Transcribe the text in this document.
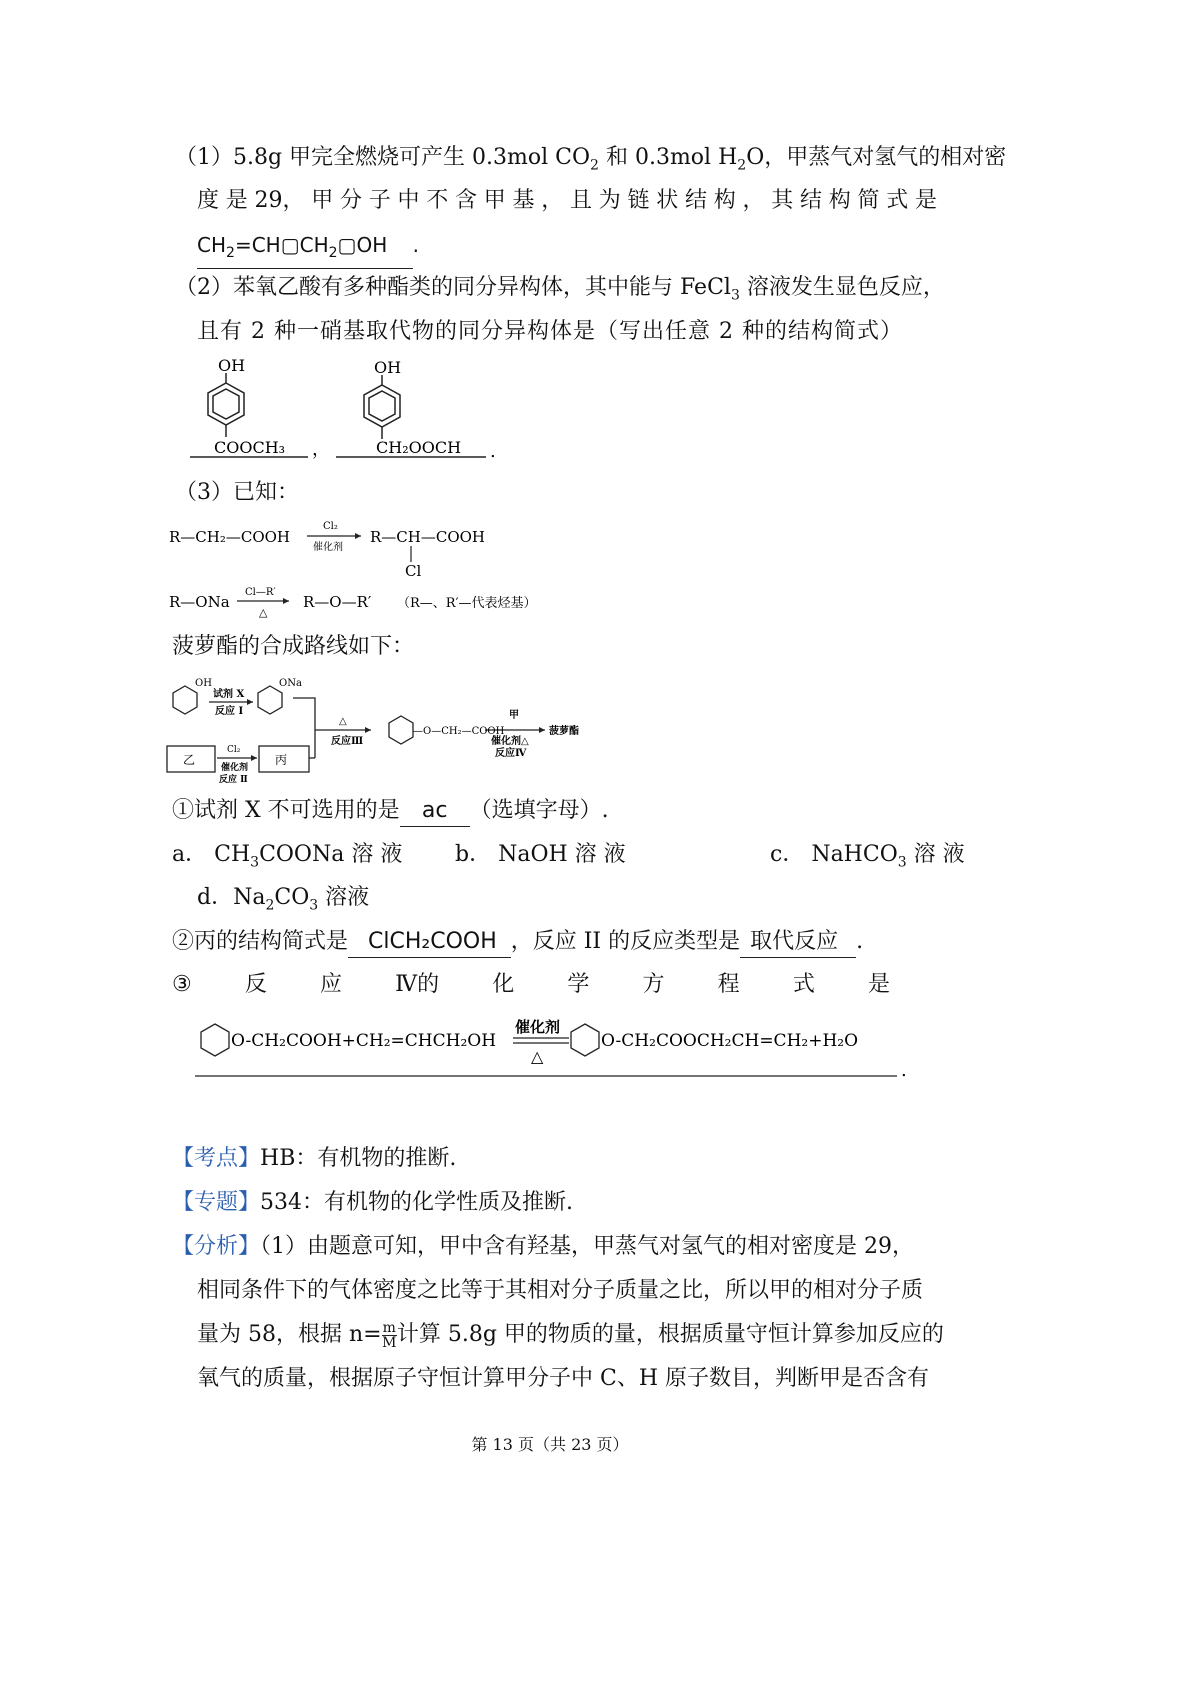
（1）5.8g 甲完全燃烧可产生 0.3mol $CO_2$ 和 0.3mol $H_2O$，甲蒸气对氢气的相对密
度 是 29， 甲 分 子 中 不 含 甲 基 ， 且 为 链 状 结 构 ， 其 结 构 简 式 是
$CH_2=CH▢CH_2▢OH$ .
（2）苯氧乙酸有多种酯类的同分异构体，其中能与 FeCl$_3$ 溶液发生显色反应，
且有 2 种一硝基取代物的同分异构体是（写出任意 2 种的结构简式）
OH
COOCH₃ ，
OH
CH₂OOCH .
（3）已知：
R—CH₂—COOH
Cl₂
催化剂
R—CH—COOH
Cl
R—ONa
Cl—R′
△
R—O—R′ （R—、R′—代表烃基）
菠萝酯的合成路线如下：
OH
试剂 X
反应 Ⅰ
ONa
△
反应Ⅲ
—O—CH₂—COOH
甲
催化剂△
反应Ⅳ
菠萝酯
乙
Cl₂
催化剂
反应 Ⅱ
丙
①试剂 X 不可选用的是 ac （选填字母）.
a． $CH_3COONa$ 溶 液 b． NaOH 溶 液	c． NaHCO$_3$ 溶 液
d．$Na_2CO_3$ 溶液
②丙的结构简式是 ClCH₂COOH ，反应 II 的反应类型是 取代反应 .
③ 反 应 Ⅳ的 化 学 方 程 式 是
O-CH₂COOH+CH₂=CHCH₂OH
催化剂
△
O-CH₂COOCH₂CH=CH₂+H₂O
.
【考点】HB：有机物的推断.
【专题】534：有机物的化学性质及推断.
【分析】（1）由题意可知，甲中含有羟基，甲蒸气对氢气的相对密度是 29，
相同条件下的气体密度之比等于其相对分子质量之比，所以甲的相对分子质
量为 58，根据 $n= \frac{m}{M}$ 计算 5.8g 甲的物质的量，根据质量守恒计算参加反应的
氧气的质量，根据原子守恒计算甲分子中 C、H 原子数目，判断甲是否含有
第 13 页（共 23 页）
